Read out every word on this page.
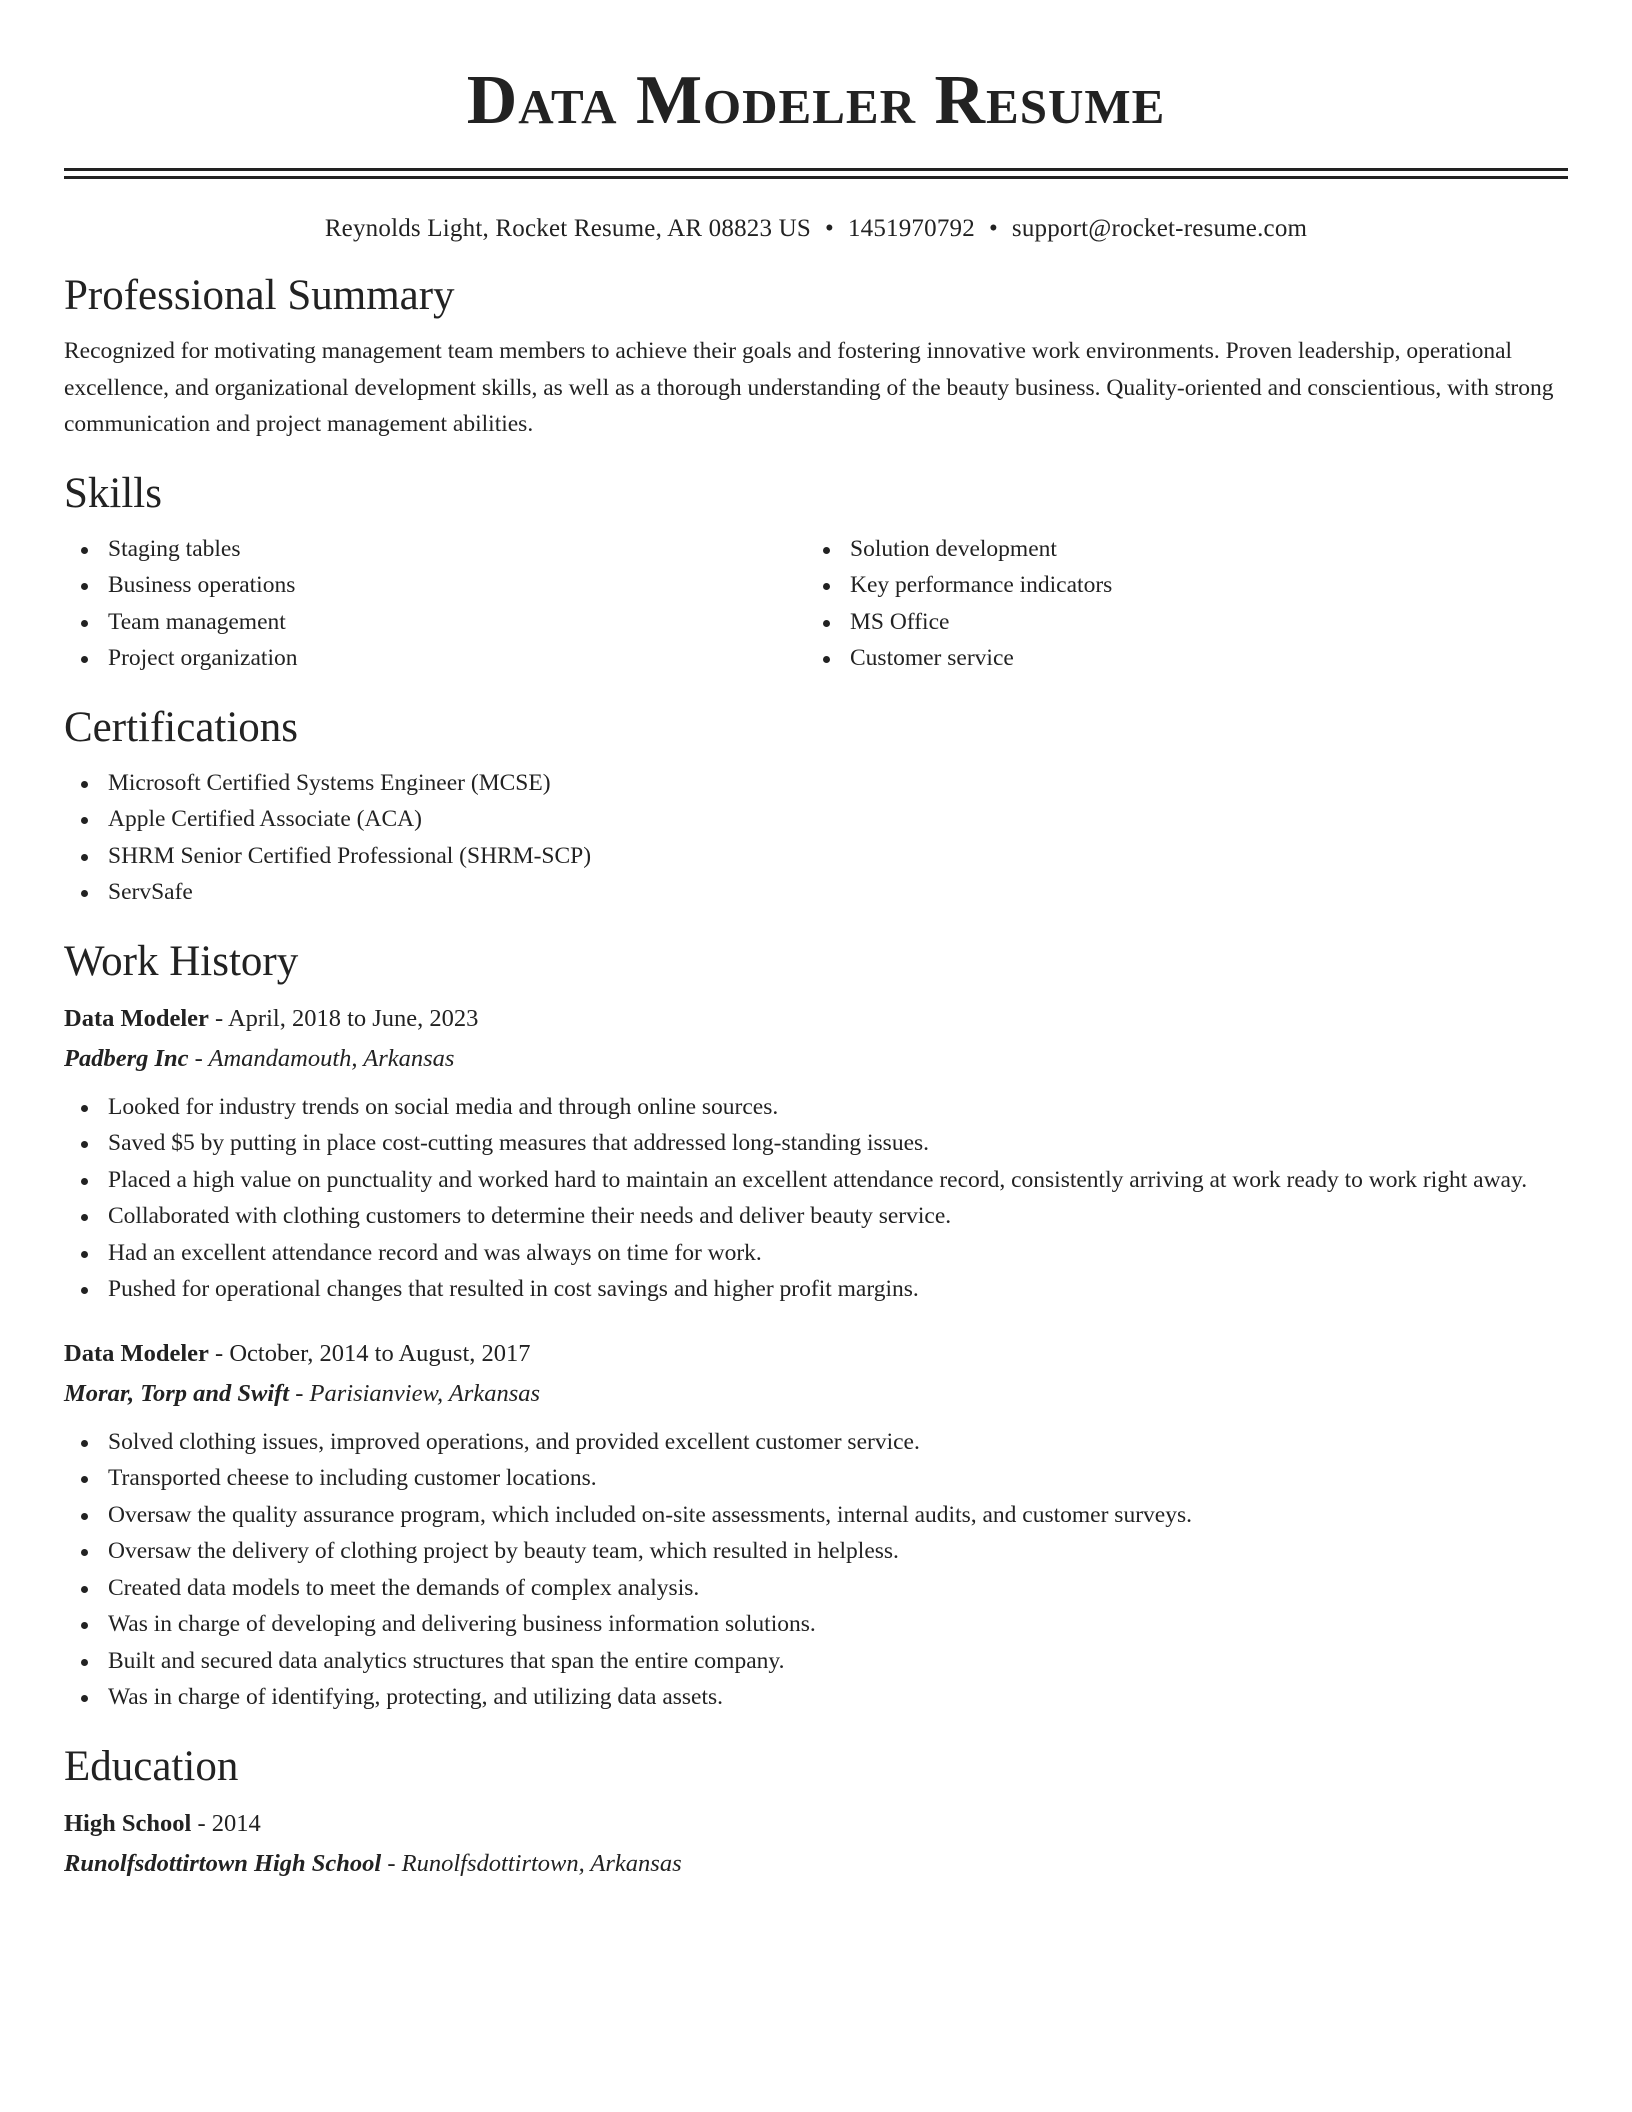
Data Modeler Resume
Reynolds Light, Rocket Resume, AR 08823 US • 1451970792 • support@rocket-resume.com
Professional Summary

Recognized for motivating management team members to achieve their goals and fostering innovative work environments. Proven leadership, operational excellence, and organizational development skills, as well as a thorough understanding of the beauty business. Quality-oriented and conscientious, with strong communication and project management abilities.

Skills
Staging tables
Business operations
Team management
Project organization
Solution development
Key performance indicators
MS Office
Customer service
Certifications
Microsoft Certified Systems Engineer (MCSE)
Apple Certified Associate (ACA)
SHRM Senior Certified Professional (SHRM-SCP)
ServSafe
Work History
Data Modeler - April, 2018 to June, 2023
Padberg Inc - Amandamouth, Arkansas
Looked for industry trends on social media and through online sources.
Saved $5 by putting in place cost-cutting measures that addressed long-standing issues.
Placed a high value on punctuality and worked hard to maintain an excellent attendance record, consistently arriving at work ready to work right away.
Collaborated with clothing customers to determine their needs and deliver beauty service.
Had an excellent attendance record and was always on time for work.
Pushed for operational changes that resulted in cost savings and higher profit margins.
Data Modeler - October, 2014 to August, 2017
Morar, Torp and Swift - Parisianview, Arkansas
Solved clothing issues, improved operations, and provided excellent customer service.
Transported cheese to including customer locations.
Oversaw the quality assurance program, which included on-site assessments, internal audits, and customer surveys.
Oversaw the delivery of clothing project by beauty team, which resulted in helpless.
Created data models to meet the demands of complex analysis.
Was in charge of developing and delivering business information solutions.
Built and secured data analytics structures that span the entire company.
Was in charge of identifying, protecting, and utilizing data assets.
Education
High School - 2014
Runolfsdottirtown High School - Runolfsdottirtown, Arkansas
